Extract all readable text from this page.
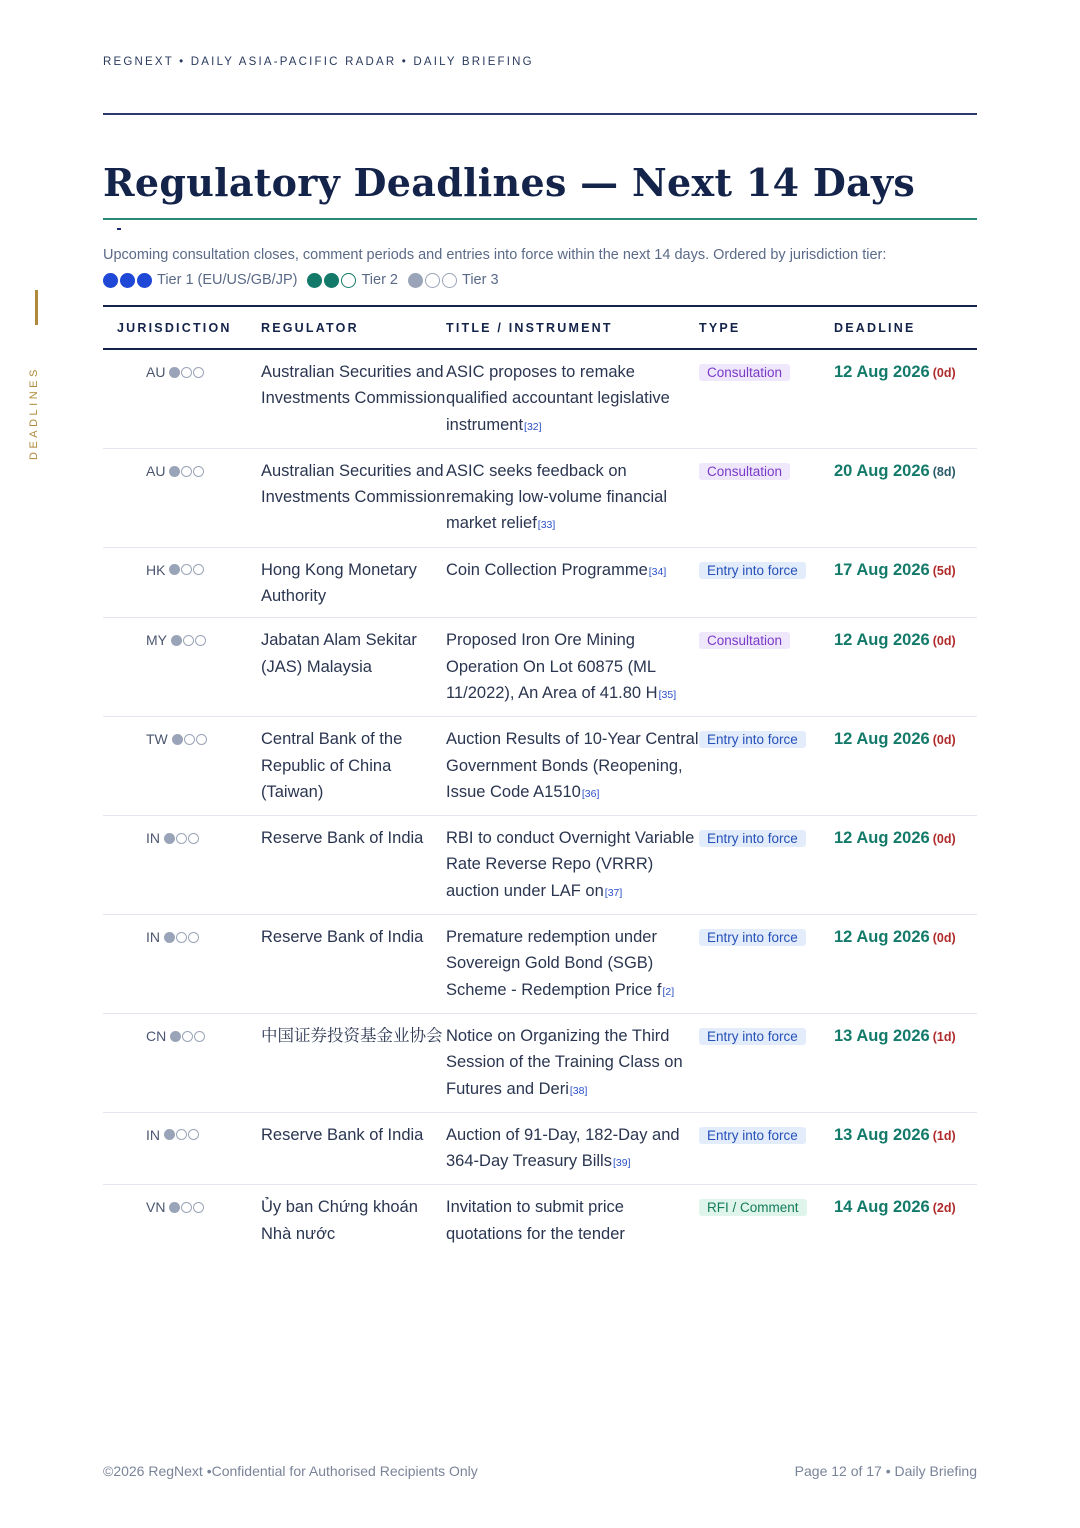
REGNEXT • DAILY ASIA-PACIFIC RADAR • DAILY BRIEFING
DEADLINES
Regulatory Deadlines — Next 14 Days
Upcoming consultation closes, comment periods and entries into force within the next 14 days. Ordered by jurisdiction tier:
Tier 1 (EU/US/GB/JP)	Tier 2	Tier 3
JURISDICTION	REGULATOR	TITLE / INSTRUMENT	TYPE	DEADLINE

AU	Australian Securities and Investments Commission	ASIC proposes to remake qualified accountant legislative instrument[32]	Consultation	12 Aug 2026 (0d)

AU	Australian Securities and Investments Commission	ASIC seeks feedback on remaking low-volume financial market relief[33]	Consultation	20 Aug 2026 (8d)

HK	Hong Kong Monetary Authority	Coin Collection Programme[34]	Entry into force	17 Aug 2026 (5d)

MY	Jabatan Alam Sekitar (JAS) Malaysia	Proposed Iron Ore Mining Operation On Lot 60875 (ML 11/2022), An Area of 41.80 H[35]	Consultation	12 Aug 2026 (0d)

TW	Central Bank of the Republic of China (Taiwan)	Auction Results of 10-Year Central Government Bonds (Reopening, Issue Code A1510[36]	Entry into force	12 Aug 2026 (0d)

IN	Reserve Bank of India	RBI to conduct Overnight Variable Rate Reverse Repo (VRRR) auction under LAF on[37]	Entry into force	12 Aug 2026 (0d)

IN	Reserve Bank of India	Premature redemption under Sovereign Gold Bond (SGB) Scheme - Redemption Price f[2]	Entry into force	12 Aug 2026 (0d)

CN	中国证券投资基金业协会	Notice on Organizing the Third Session of the Training Class on Futures and Deri[38]	Entry into force	13 Aug 2026 (1d)

IN	Reserve Bank of India	Auction of 91-Day, 182-Day and 364-Day Treasury Bills[39]	Entry into force	13 Aug 2026 (1d)

VN	Ủy ban Chứng khoán Nhà nước	Invitation to submit price quotations for the tender	RFI / Comment	14 Aug 2026 (2d)
©2026 RegNext •Confidential for Authorised Recipients Only	Page 12 of 17 • Daily Briefing
